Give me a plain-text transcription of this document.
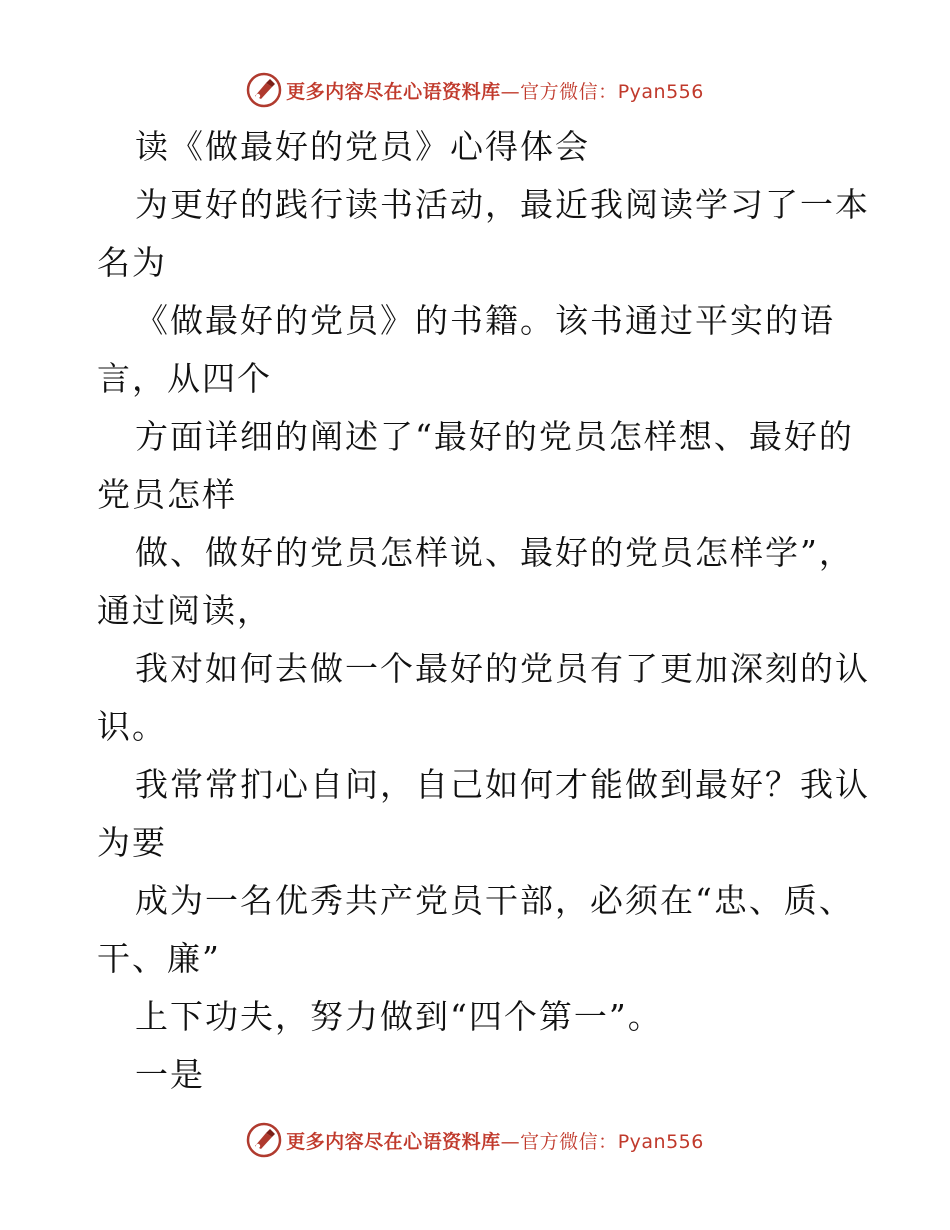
更多内容尽在心语资料库—官方微信：Pyan556
读《做最好的党员》心得体会
为更好的践行读书活动，最近我阅读学习了一本
名为
《做最好的党员》的书籍。该书通过平实的语
言，从四个
方面详细的阐述了“最好的党员怎样想、最好的
党员怎样
做、做好的党员怎样说、最好的党员怎样学”，
通过阅读，
我对如何去做一个最好的党员有了更加深刻的认
识。
我常常扪心自问，自己如何才能做到最好？我认
为要
成为一名优秀共产党员干部，必须在“忠、质、
干、廉”
上下功夫，努力做到“四个第一”。
一是
更多内容尽在心语资料库—官方微信：Pyan556
